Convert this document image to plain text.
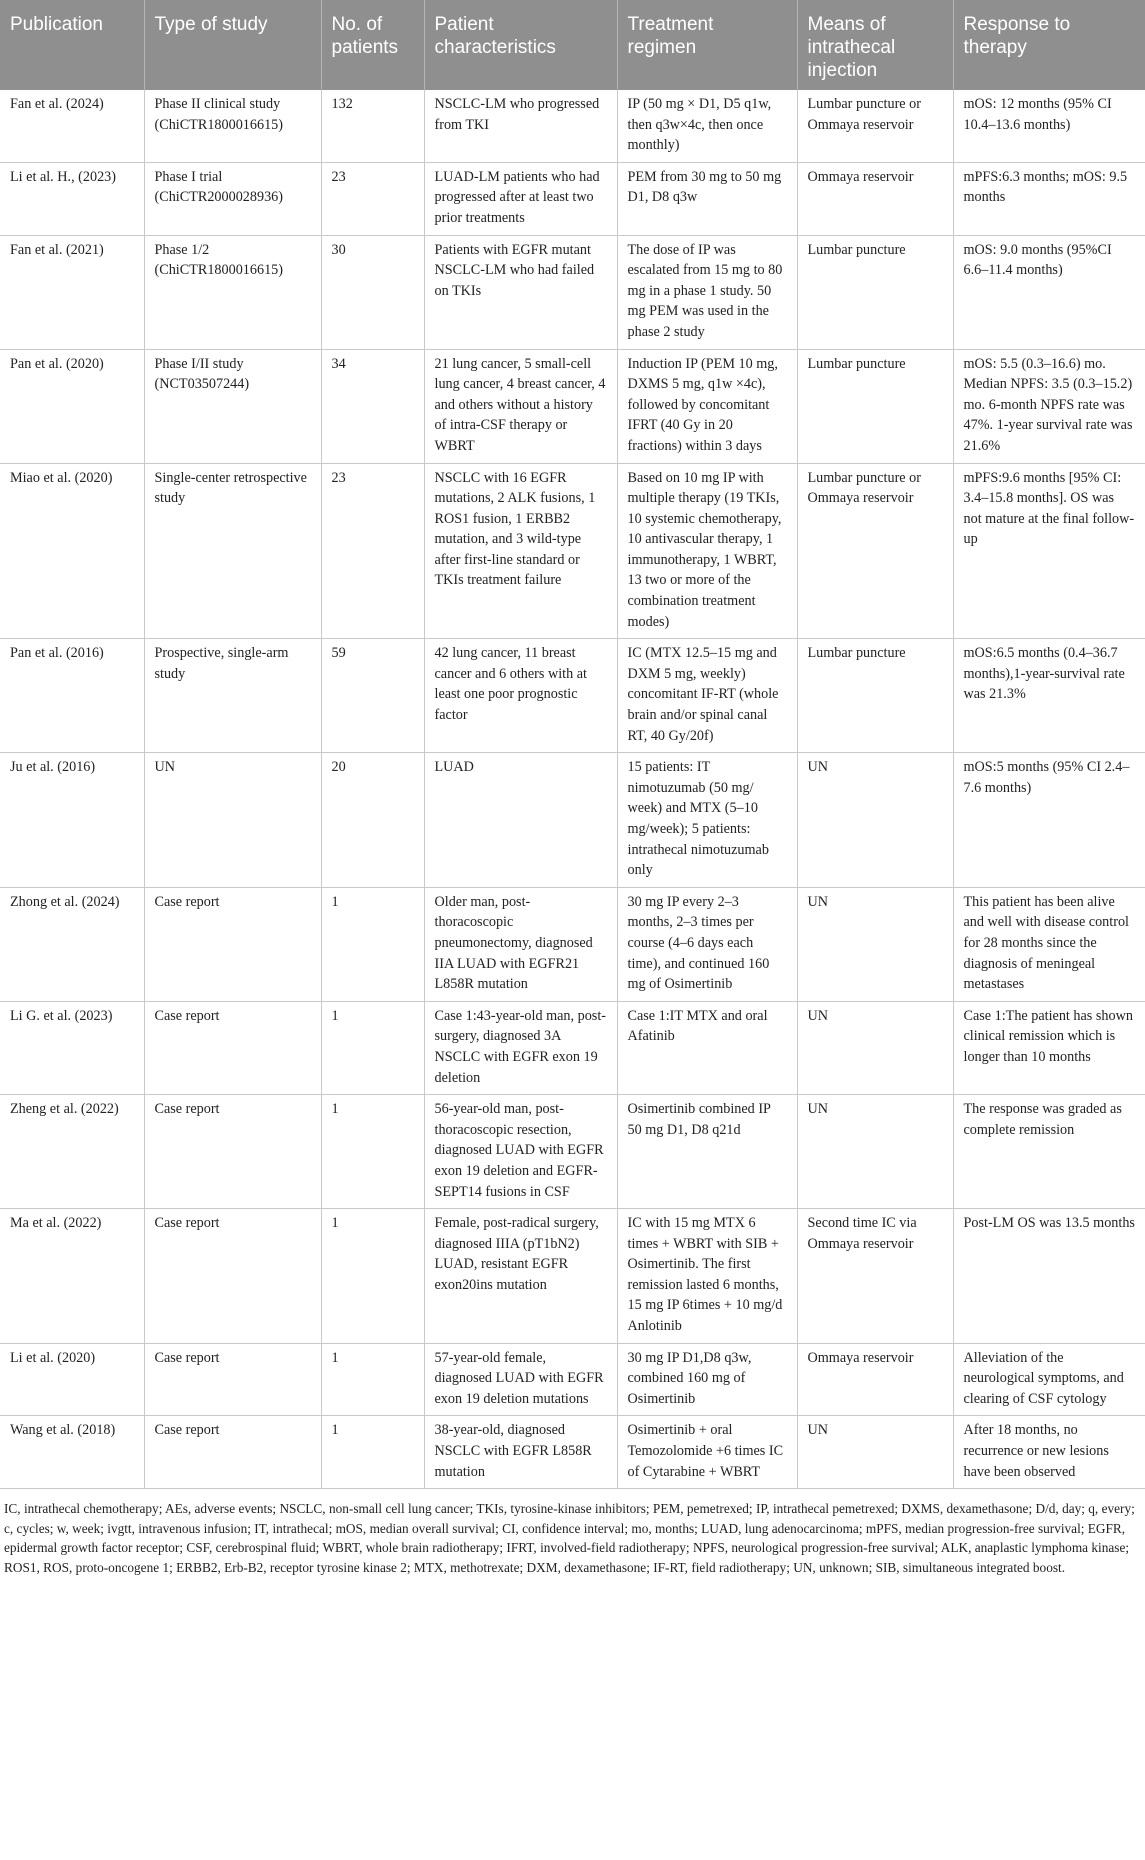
Publication	Type of study	No. of patients	Patient characteristics	Treatment regimen	Means of intrathecal injection	Response to therapy
Fan et al. (2024)	Phase II clinical study (ChiCTR1800016615)	132	NSCLC-LM who progressed from TKI	IP (50 mg × D1, D5 q1w, then q3w×4c, then once monthly)	Lumbar puncture or Ommaya reservoir	mOS: 12 months (95% CI 10.4–13.6 months)
Li et al. H., (2023)	Phase I trial (ChiCTR2000028936)	23	LUAD-LM patients who had progressed after at least two prior treatments	PEM from 30 mg to 50 mg D1, D8 q3w	Ommaya reservoir	mPFS:6.3 months; mOS: 9.5 months
Fan et al. (2021)	Phase 1/2 (ChiCTR1800016615)	30	Patients with EGFR mutant NSCLC-LM who had failed on TKIs	The dose of IP was escalated from 15 mg to 80 mg in a phase 1 study. 50 mg PEM was used in the phase 2 study	Lumbar puncture	mOS: 9.0 months (95%CI 6.6–11.4 months)
Pan et al. (2020)	Phase I/II study (NCT03507244)	34	21 lung cancer, 5 small-cell lung cancer, 4 breast cancer, 4 and others without a history of intra-CSF therapy or WBRT	Induction IP (PEM 10 mg, DXMS 5 mg, q1w ×4c), followed by concomitant IFRT (40 Gy in 20 fractions) within 3 days	Lumbar puncture	mOS: 5.5 (0.3–16.6) mo. Median NPFS: 3.5 (0.3–15.2) mo. 6-month NPFS rate was 47%. 1-year survival rate was 21.6%
Miao et al. (2020)	Single-center retrospective study	23	NSCLC with 16 EGFR mutations, 2 ALK fusions, 1 ROS1 fusion, 1 ERBB2 mutation, and 3 wild-type after first-line standard or TKIs treatment failure	Based on 10 mg IP with multiple therapy (19 TKIs, 10 systemic chemotherapy, 10 antivascular therapy, 1 immunotherapy, 1 WBRT, 13 two or more of the combination treatment modes)	Lumbar puncture or Ommaya reservoir	mPFS:9.6 months [95% CI: 3.4–15.8 months]. OS was not mature at the final follow-up
Pan et al. (2016)	Prospective, single-arm study	59	42 lung cancer, 11 breast cancer and 6 others with at least one poor prognostic factor	IC (MTX 12.5–15 mg and DXM 5 mg, weekly) concomitant IF-RT (whole brain and/or spinal canal RT, 40 Gy/20f)	Lumbar puncture	mOS:6.5 months (0.4–36.7 months),1-year-survival rate was 21.3%
Ju et al. (2016)	UN	20	LUAD	15 patients: IT nimotuzumab (50 mg/ week) and MTX (5–10 mg/week); 5 patients: intrathecal nimotuzumab only	UN	mOS:5 months (95% CI 2.4–7.6 months)
Zhong et al. (2024)	Case report	1	Older man, post-thoracoscopic pneumonectomy, diagnosed IIA LUAD with EGFR21 L858R mutation	30 mg IP every 2–3 months, 2–3 times per course (4–6 days each time), and continued 160 mg of Osimertinib	UN	This patient has been alive and well with disease control for 28 months since the diagnosis of meningeal metastases
Li G. et al. (2023)	Case report	1	Case 1:43-year-old man, post-surgery, diagnosed 3A NSCLC with EGFR exon 19 deletion	Case 1:IT MTX and oral Afatinib	UN	Case 1:The patient has shown clinical remission which is longer than 10 months
Zheng et al. (2022)	Case report	1	56-year-old man, post-thoracoscopic resection, diagnosed LUAD with EGFR exon 19 deletion and EGFR-SEPT14 fusions in CSF	Osimertinib combined IP 50 mg D1, D8 q21d	UN	The response was graded as complete remission
Ma et al. (2022)	Case report	1	Female, post-radical surgery, diagnosed IIIA (pT1bN2) LUAD, resistant EGFR exon20ins mutation	IC with 15 mg MTX 6 times + WBRT with SIB + Osimertinib. The first remission lasted 6 months, 15 mg IP 6times + 10 mg/d Anlotinib	Second time IC via Ommaya reservoir	Post-LM OS was 13.5 months
Li et al. (2020)	Case report	1	57-year-old female, diagnosed LUAD with EGFR exon 19 deletion mutations	30 mg IP D1,D8 q3w, combined 160 mg of Osimertinib	Ommaya reservoir	Alleviation of the neurological symptoms, and clearing of CSF cytology
Wang et al. (2018)	Case report	1	38-year-old, diagnosed NSCLC with EGFR L858R mutation	Osimertinib + oral Temozolomide +6 times IC of Cytarabine + WBRT	UN	After 18 months, no recurrence or new lesions have been observed
IC, intrathecal chemotherapy; AEs, adverse events; NSCLC, non-small cell lung cancer; TKIs, tyrosine-kinase inhibitors; PEM, pemetrexed; IP, intrathecal pemetrexed; DXMS, dexamethasone; D/d, day; q, every; c, cycles; w, week; ivgtt, intravenous infusion; IT, intrathecal; mOS, median overall survival; CI, confidence interval; mo, months; LUAD, lung adenocarcinoma; mPFS, median progression-free survival; EGFR, epidermal growth factor receptor; CSF, cerebrospinal fluid; WBRT, whole brain radiotherapy; IFRT, involved-field radiotherapy; NPFS, neurological progression-free survival; ALK, anaplastic lymphoma kinase; ROS1, ROS, proto-oncogene 1; ERBB2, Erb-B2, receptor tyrosine kinase 2; MTX, methotrexate; DXM, dexamethasone; IF-RT, field radiotherapy; UN, unknown; SIB, simultaneous integrated boost.
